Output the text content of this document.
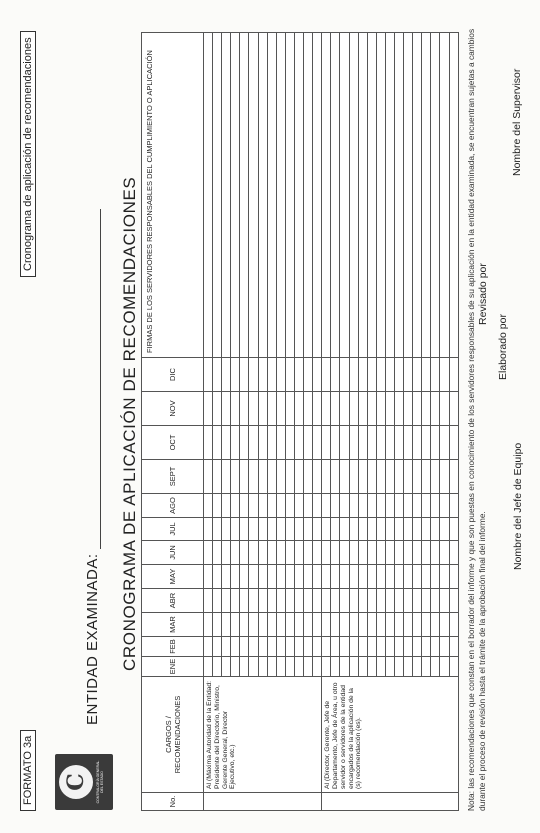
FORMATO 3a
Cronograma de aplicación de recomendaciones
C CONTRALORÍA GENERAL DEL ESTADO
ENTIDAD EXAMINADA: CRONOGRAMA DE APLICACIÓN DE RECOMENDACIONES
No.	CARGOS / RECOMENDACIONES	ENE	FEB	MAR	ABR	MAY	JUN	JUL	AGO	SEPT	OCT	NOV	DIC	FIRMAS DE LOS SERVIDORES RESPONSABLES DEL CUMPLIMIENTO O APLICACIÓN
	Al (Máxima Autoridad de la Entidad: Presidente del Directorio, Ministro, Gerente General, Director Ejecutivo, etc.)													

	Al (Director, Gerente, Jefe de Departamento, Jefe de Área, u otro servidor o servidores de la entidad encargados de la aplicación de la (s) recomendación (es).													

													Nota: las recomendaciones que constan en el borrador del informe y que son puestas en conocimiento de los servidores responsables de su aplicación en la entidad examinada, se encuentran sujetas a cambios durante el proceso de revisión hasta el trámite de la aprobación final del informe.
Elaborado por
Revisado por
Nombre del Jefe de Equipo
Nombre del Supervisor
